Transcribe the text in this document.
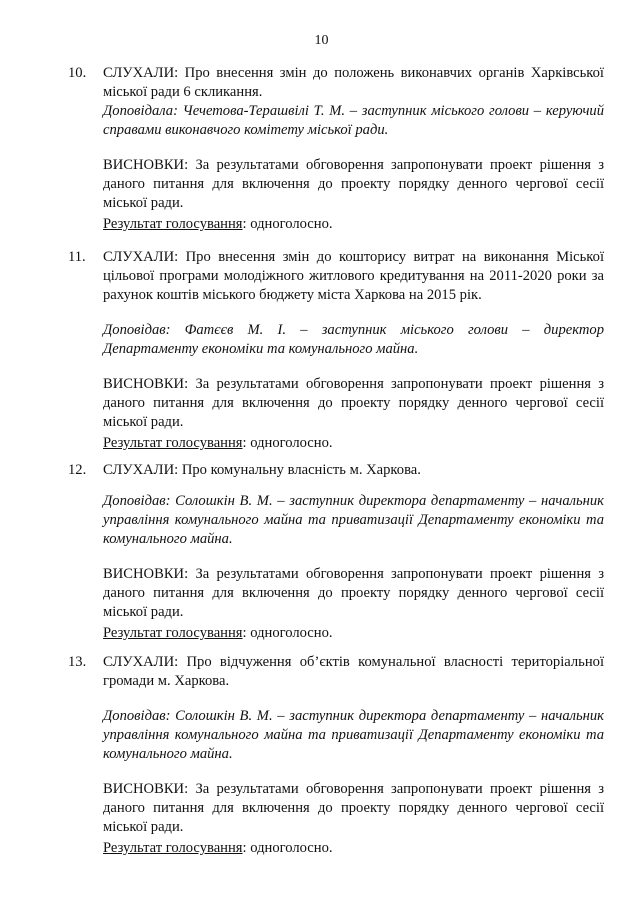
10
10. СЛУХАЛИ: Про внесення змін до положень виконавчих органів Харківської міської ради 6 скликання.
Доповідала: Чечетова-Терашвілі Т. М. – заступник міського голови – керуючий справами виконавчого комітету міської ради.
ВИСНОВКИ: За результатами обговорення запропонувати проект рішення з даного питання для включення до проекту порядку денного чергової сесії міської ради.
Результат голосування: одноголосно.
11. СЛУХАЛИ: Про внесення змін до кошторису витрат на виконання Міської цільової програми молодіжного житлового кредитування на 2011-2020 роки за рахунок коштів міського бюджету міста Харкова на 2015 рік.
Доповідав: Фатєєв М. І. – заступник міського голови – директор Департаменту економіки та комунального майна.
ВИСНОВКИ: За результатами обговорення запропонувати проект рішення з даного питання для включення до проекту порядку денного чергової сесії міської ради.
Результат голосування: одноголосно.
12. СЛУХАЛИ: Про комунальну власність м. Харкова.
Доповідав: Солошкін В. М. – заступник директора департаменту – начальник управління комунального майна та приватизації Департаменту економіки та комунального майна.
ВИСНОВКИ: За результатами обговорення запропонувати проект рішення з даного питання для включення до проекту порядку денного чергової сесії міської ради.
Результат голосування: одноголосно.
13. СЛУХАЛИ: Про відчуження об’єктів комунальної власності територіальної громади м. Харкова.
Доповідав: Солошкін В. М. – заступник директора департаменту – начальник управління комунального майна та приватизації Департаменту економіки та комунального майна.
ВИСНОВКИ: За результатами обговорення запропонувати проект рішення з даного питання для включення до проекту порядку денного чергової сесії міської ради.
Результат голосування: одноголосно.
